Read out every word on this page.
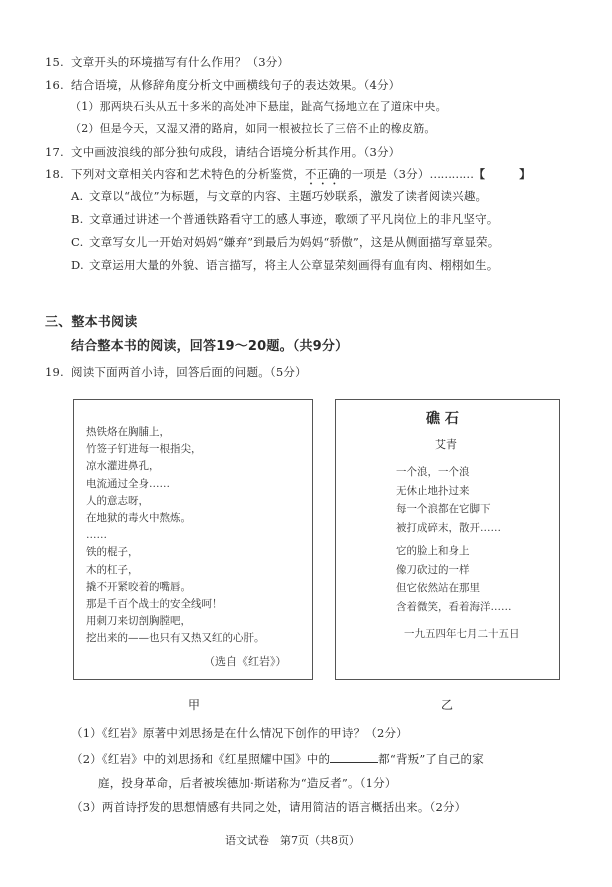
15. 文章开头的环境描写有什么作用？（3分）
16. 结合语境，从修辞角度分析文中画横线句子的表达效果。（4分）
（1）那两块石头从五十多米的高处冲下悬崖，趾高气扬地立在了道床中央。
（2）但是今天，又湿又滑的路肩，如同一根被拉长了三倍不止的橡皮筋。
17. 文中画波浪线的部分独句成段，请结合语境分析其作用。（3分）
18. 下列对文章相关内容和艺术特色的分析鉴赏，不正确的一项是（3分）…………【	】
A. 文章以“战位”为标题，与文章的内容、主题巧妙联系，激发了读者阅读兴趣。
B. 文章通过讲述一个普通铁路看守工的感人事迹，歌颂了平凡岗位上的非凡坚守。
C. 文章写女儿一开始对妈妈“嫌弃”到最后为妈妈“骄傲”，这是从侧面描写章显荣。
D. 文章运用大量的外貌、语言描写，将主人公章显荣刻画得有血有肉、栩栩如生。
三、整本书阅读
结合整本书的阅读，回答19～20题。（共9分）
19. 阅读下面两首小诗，回答后面的问题。（5分）
热铁烙在胸脯上，
竹签子钉进每一根指尖，
凉水灌进鼻孔，
电流通过全身……
人的意志呀，
在地狱的毒火中熬炼。
……
铁的棍子，
木的杠子，
撬不开紧咬着的嘴唇。
那是千百个战士的安全线呵！
用刺刀来切剖胸膛吧，
挖出来的——也只有又热又红的心肝。
（选自《红岩》）
甲
礁 石
艾青
一个浪，一个浪
无休止地扑过来
每一个浪都在它脚下
被打成碎末，散开……
它的脸上和身上
像刀砍过的一样
但它依然站在那里
含着微笑，看着海洋……
一九五四年七月二十五日
乙
（1）《红岩》原著中刘思扬是在什么情况下创作的甲诗？（2分）
（2）《红岩》中的刘思扬和《红星照耀中国》中的	都“背叛”了自己的家
庭，投身革命，后者被埃德加·斯诺称为“造反者”。（1分）
（3）两首诗抒发的思想情感有共同之处，请用简洁的语言概括出来。（2分）
语文试卷　第7页（共8页）
